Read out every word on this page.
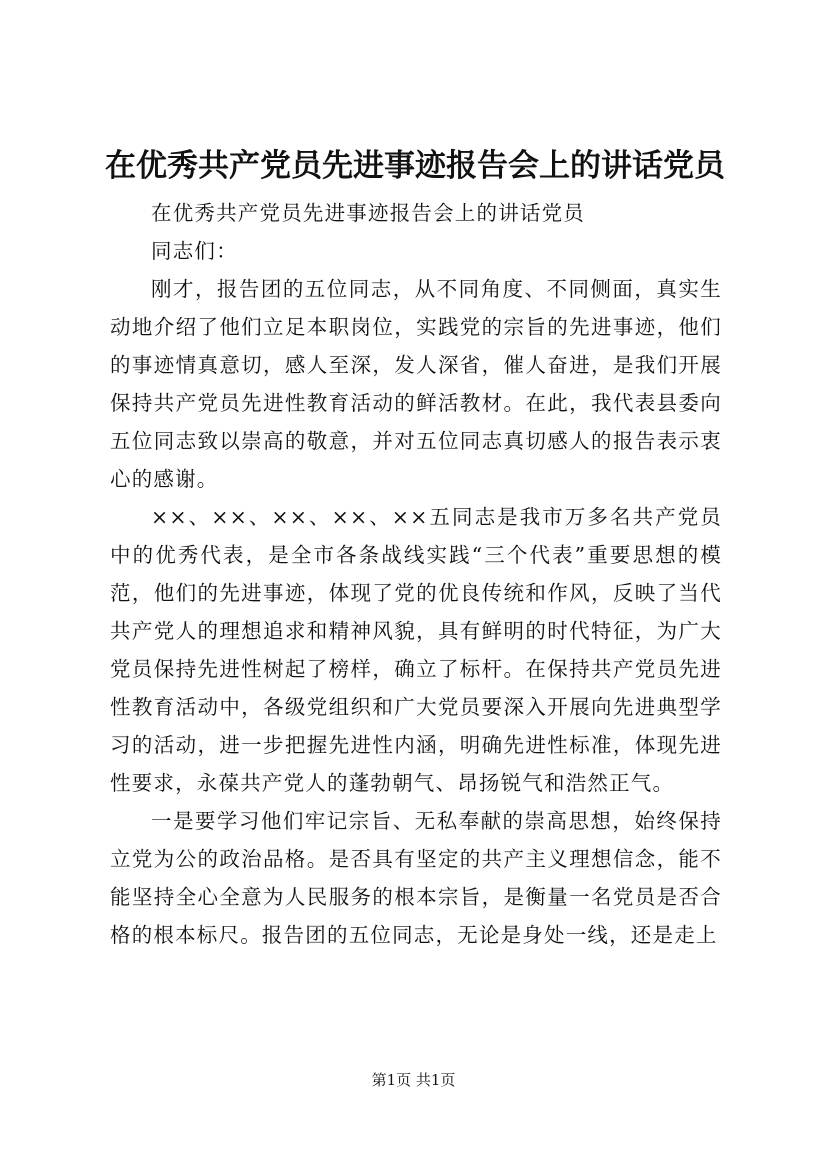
在优秀共产党员先进事迹报告会上的讲话党员

在优秀共产党员先进事迹报告会上的讲话党员

同志们：

刚才，报告团的五位同志，从不同角度、不同侧面，真实生动地介绍了他们立足本职岗位，实践党的宗旨的先进事迹，他们的事迹情真意切，感人至深，发人深省，催人奋进，是我们开展保持共产党员先进性教育活动的鲜活教材。在此，我代表县委向五位同志致以崇高的敬意，并对五位同志真切感人的报告表示衷心的感谢。

××、××、××、××、××五同志是我市万多名共产党员中的优秀代表，是全市各条战线实践“三个代表”重要思想的模范，他们的先进事迹，体现了党的优良传统和作风，反映了当代共产党人的理想追求和精神风貌，具有鲜明的时代特征，为广大党员保持先进性树起了榜样，确立了标杆。在保持共产党员先进性教育活动中，各级党组织和广大党员要深入开展向先进典型学习的活动，进一步把握先进性内涵，明确先进性标准，体现先进性要求，永葆共产党人的蓬勃朝气、昂扬锐气和浩然正气。

一是要学习他们牢记宗旨、无私奉献的崇高思想，始终保持立党为公的政治品格。是否具有坚定的共产主义理想信念，能不能坚持全心全意为人民服务的根本宗旨，是衡量一名党员是否合格的根本标尺。报告团的五位同志，无论是身处一线，还是走上

第1页 共1页
